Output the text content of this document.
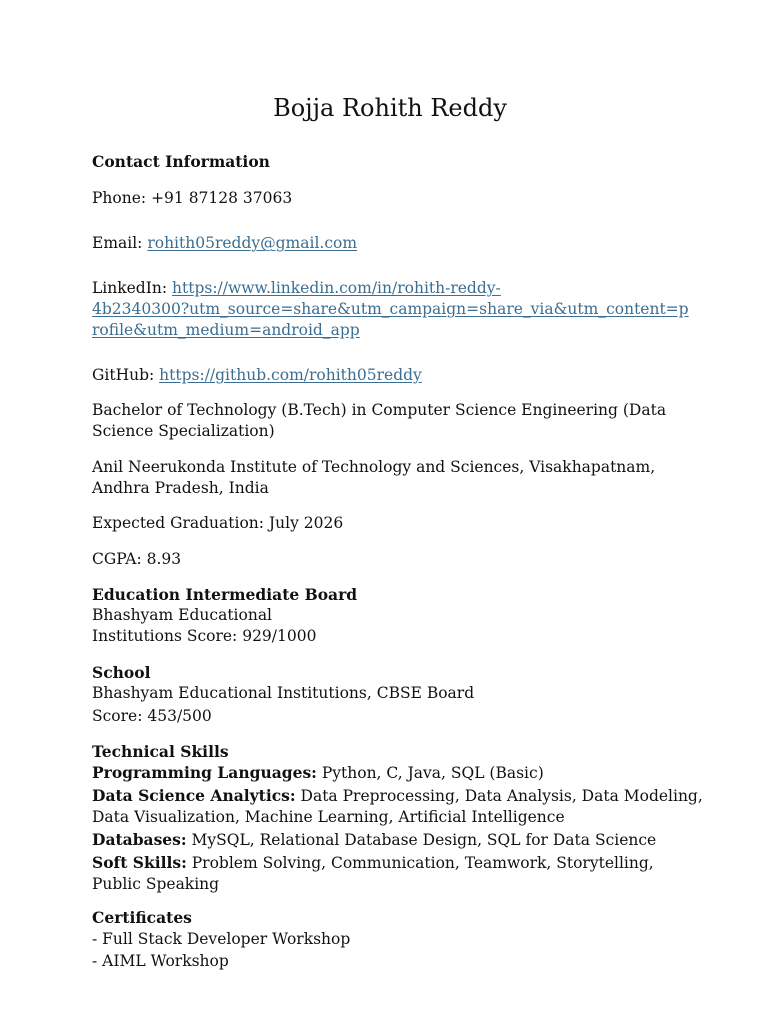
Bojja Rohith Reddy
Contact Information
Phone: +91 87128 37063
Email: rohith05reddy@gmail.com
LinkedIn: https://www.linkedin.com/in/rohith-reddy-
4b2340300?utm_source=share&utm_campaign=share_via&utm_content=p
rofile&utm_medium=android_app
GitHub: https://github.com/rohith05reddy
Bachelor of Technology (B.Tech) in Computer Science Engineering (Data
Science Specialization)
Anil Neerukonda Institute of Technology and Sciences, Visakhapatnam,
Andhra Pradesh, India
Expected Graduation: July 2026
CGPA: 8.93
Education Intermediate Board
Bhashyam Educational
Institutions Score: 929/1000
School
Bhashyam Educational Institutions, CBSE Board
Score: 453/500
Technical Skills
Programming Languages: Python, C, Java, SQL (Basic)
Data Science Analytics: Data Preprocessing, Data Analysis, Data Modeling,
Data Visualization, Machine Learning, Artificial Intelligence
Databases: MySQL, Relational Database Design, SQL for Data Science
Soft Skills: Problem Solving, Communication, Teamwork, Storytelling,
Public Speaking
Certificates
- Full Stack Developer Workshop
- AIML Workshop
